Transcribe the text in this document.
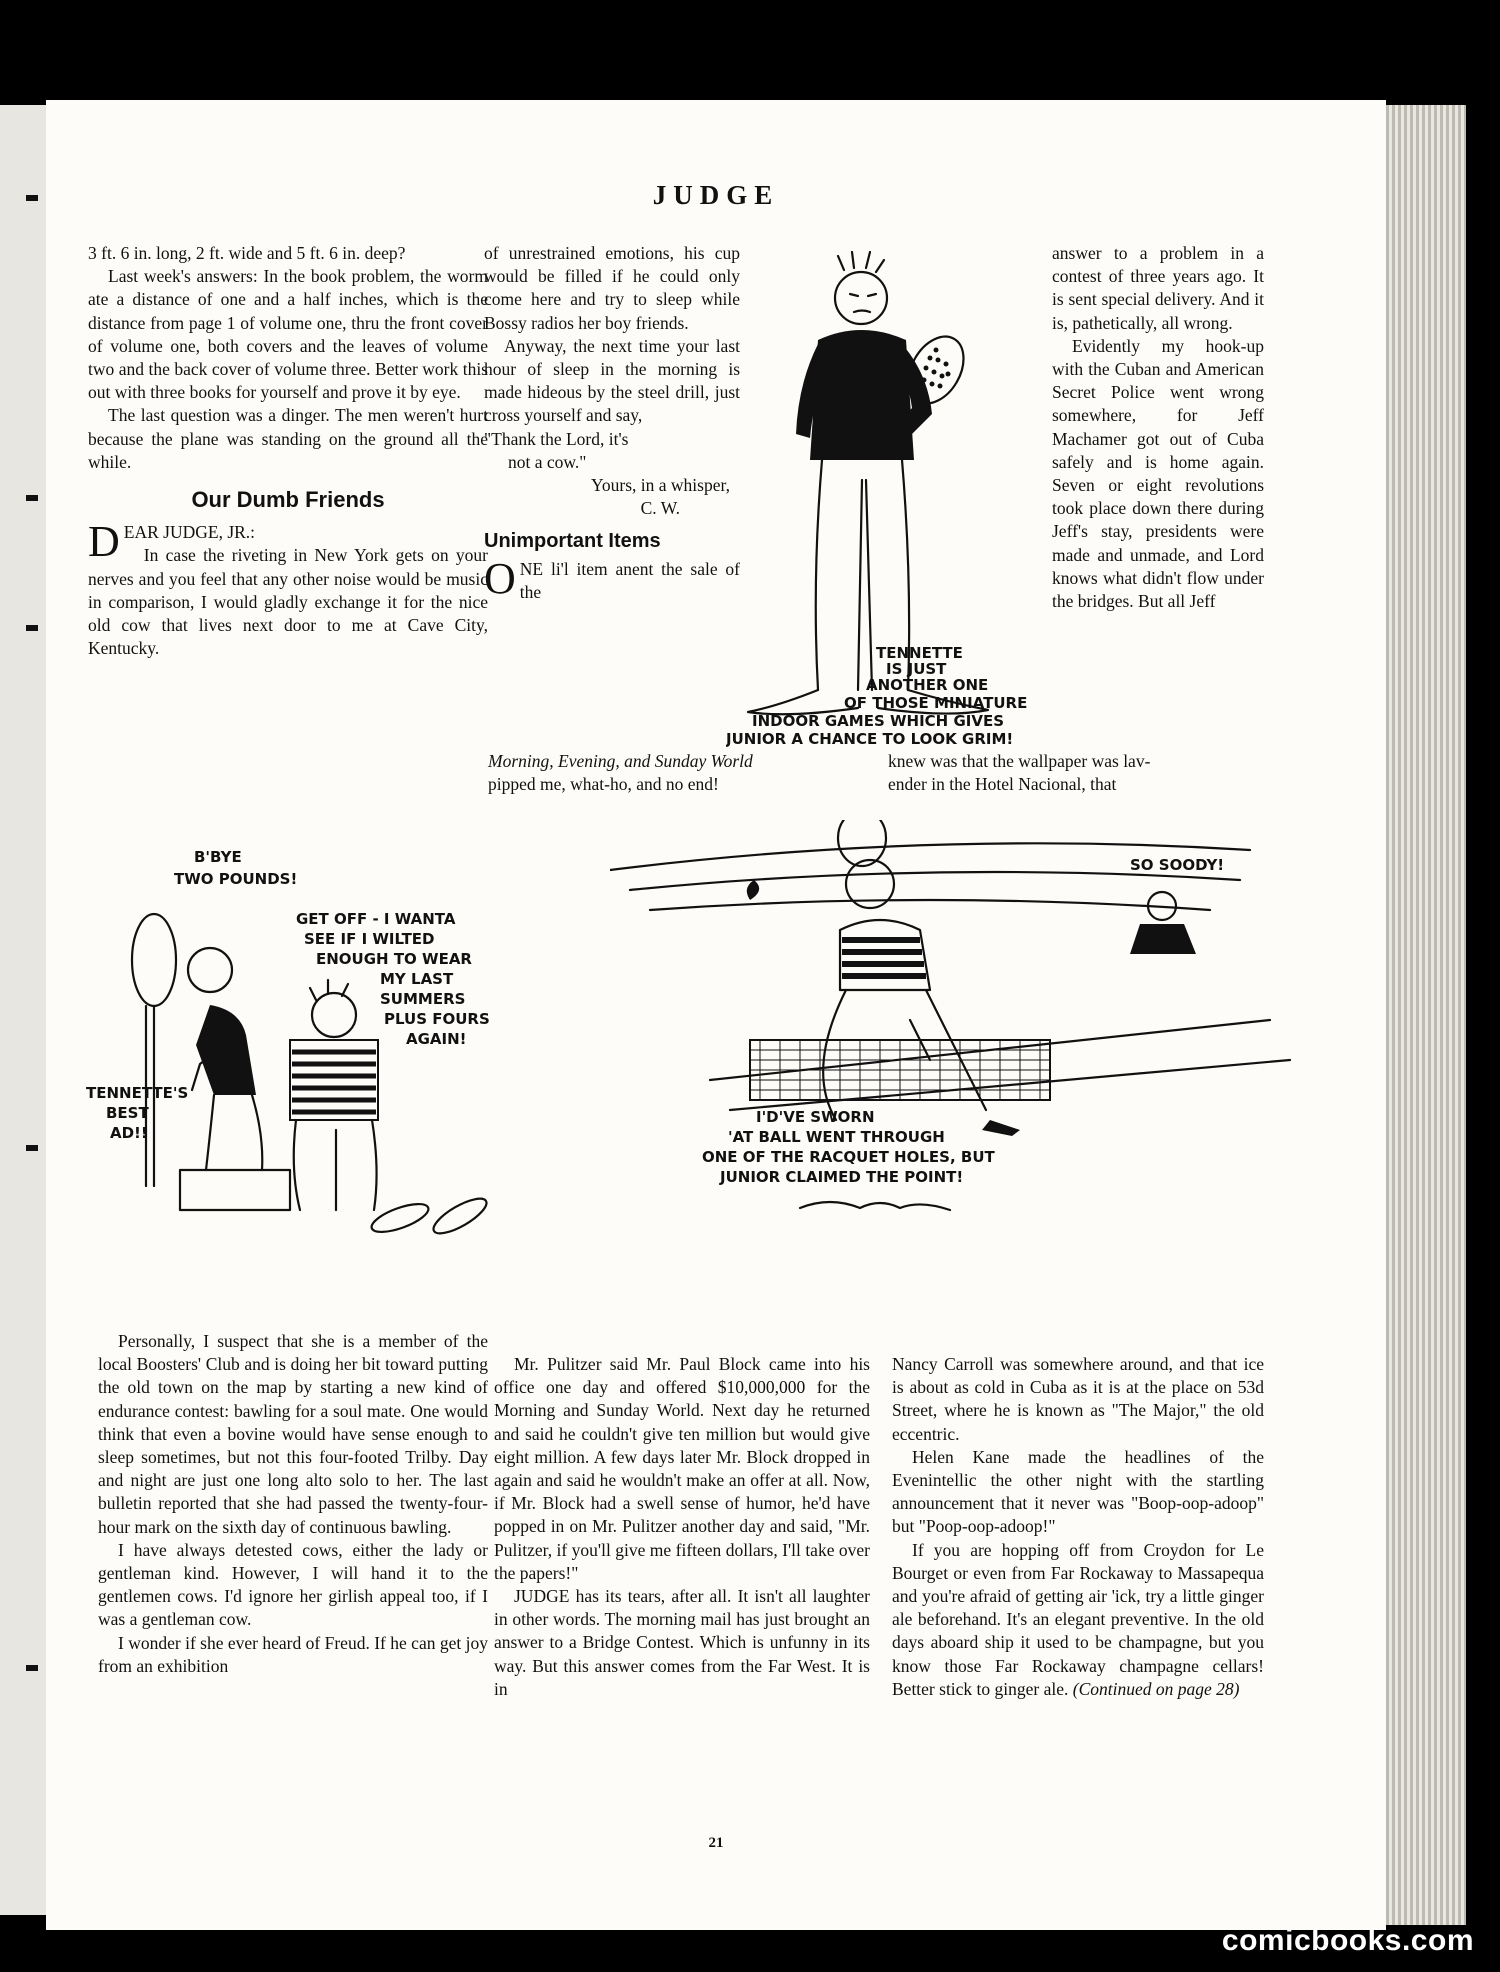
JUDGE

3 ft. 6 in. long, 2 ft. wide and 5 ft. 6 in. deep?

Last week's answers: In the book problem, the worm ate a distance of one and a half inches, which is the distance from page 1 of volume one, thru the front cover of volume one, both covers and the leaves of volume two and the back cover of volume three. Better work this out with three books for yourself and prove it by eye.

The last question was a dinger. The men weren't hurt because the plane was standing on the ground all the while.

Our Dumb Friends

DEAR JUDGE, JR.:

In case the riveting in New York gets on your nerves and you feel that any other noise would be music in comparison, I would gladly exchange it for the nice old cow that lives next door to me at Cave City, Kentucky.

of unrestrained emotions, his cup would be filled if he could only come here and try to sleep while Bossy radios her boy friends.

Anyway, the next time your last hour of sleep in the morning is made hideous by the steel drill, just cross yourself and say,

"Thank the Lord, it's

not a cow."

Yours, in a whisper,

C. W.

Unimportant Items

ONE li'l item anent the sale of the

Morning, Evening, and Sunday World
pipped me, what-ho, and no end!

answer to a problem in a contest of three years ago. It is sent special delivery. And it is, pathetically, all wrong.

Evidently my hook-up with the Cuban and American Secret Police went wrong somewhere, for Jeff Machamer got out of Cuba safely and is home again. Seven or eight revolutions took place down there during Jeff's stay, presidents were made and unmade, and Lord knows what didn't flow under the bridges. But all Jeff

knew was that the wallpaper was lav-
ender in the Hotel Nacional, that
TENNETTE
IS JUST
ANOTHER ONE
OF THOSE MINIATURE
INDOOR GAMES WHICH GIVES
JUNIOR A CHANCE TO LOOK GRIM!
B'BYE
TWO POUNDS!
GET OFF - I WANTA
SEE IF I WILTED
ENOUGH TO WEAR
MY LAST
SUMMERS
PLUS FOURS
AGAIN!
TENNETTE'S
BEST
AD!!
SO SOODY!
I'D'VE SWORN
'AT BALL WENT THROUGH
ONE OF THE RACQUET HOLES, BUT
JUNIOR CLAIMED THE POINT!

Personally, I suspect that she is a member of the local Boosters' Club and is doing her bit toward putting the old town on the map by starting a new kind of endurance contest: bawling for a soul mate. One would think that even a bovine would have sense enough to sleep sometimes, but not this four-footed Trilby. Day and night are just one long alto solo to her. The last bulletin reported that she had passed the twenty-four-hour mark on the sixth day of continuous bawling.

I have always detested cows, either the lady or gentleman kind. However, I will hand it to the gentlemen cows. I'd ignore her girlish appeal too, if I was a gentleman cow.

I wonder if she ever heard of Freud. If he can get joy from an exhibition

Mr. Pulitzer said Mr. Paul Block came into his office one day and offered $10,000,000 for the Morning and Sunday World. Next day he returned and said he couldn't give ten million but would give eight million. A few days later Mr. Block dropped in again and said he wouldn't make an offer at all. Now, if Mr. Block had a swell sense of humor, he'd have popped in on Mr. Pulitzer another day and said, "Mr. Pulitzer, if you'll give me fifteen dollars, I'll take over the papers!"

JUDGE has its tears, after all. It isn't all laughter in other words. The morning mail has just brought an answer to a Bridge Contest. Which is unfunny in its way. But this answer comes from the Far West. It is in

Nancy Carroll was somewhere around, and that ice is about as cold in Cuba as it is at the place on 53d Street, where he is known as "The Major," the old eccentric.

Helen Kane made the headlines of the Evenintellic the other night with the startling announcement that it never was "Boop-oop-adoop" but "Poop-oop-adoop!"

If you are hopping off from Croydon for Le Bourget or even from Far Rockaway to Massapequa and you're afraid of getting air 'ick, try a little ginger ale beforehand. It's an elegant preventive. In the old days aboard ship it used to be champagne, but you know those Far Rockaway champagne cellars! Better stick to ginger ale. (Continued on page 28)

21
comicbooks.com
